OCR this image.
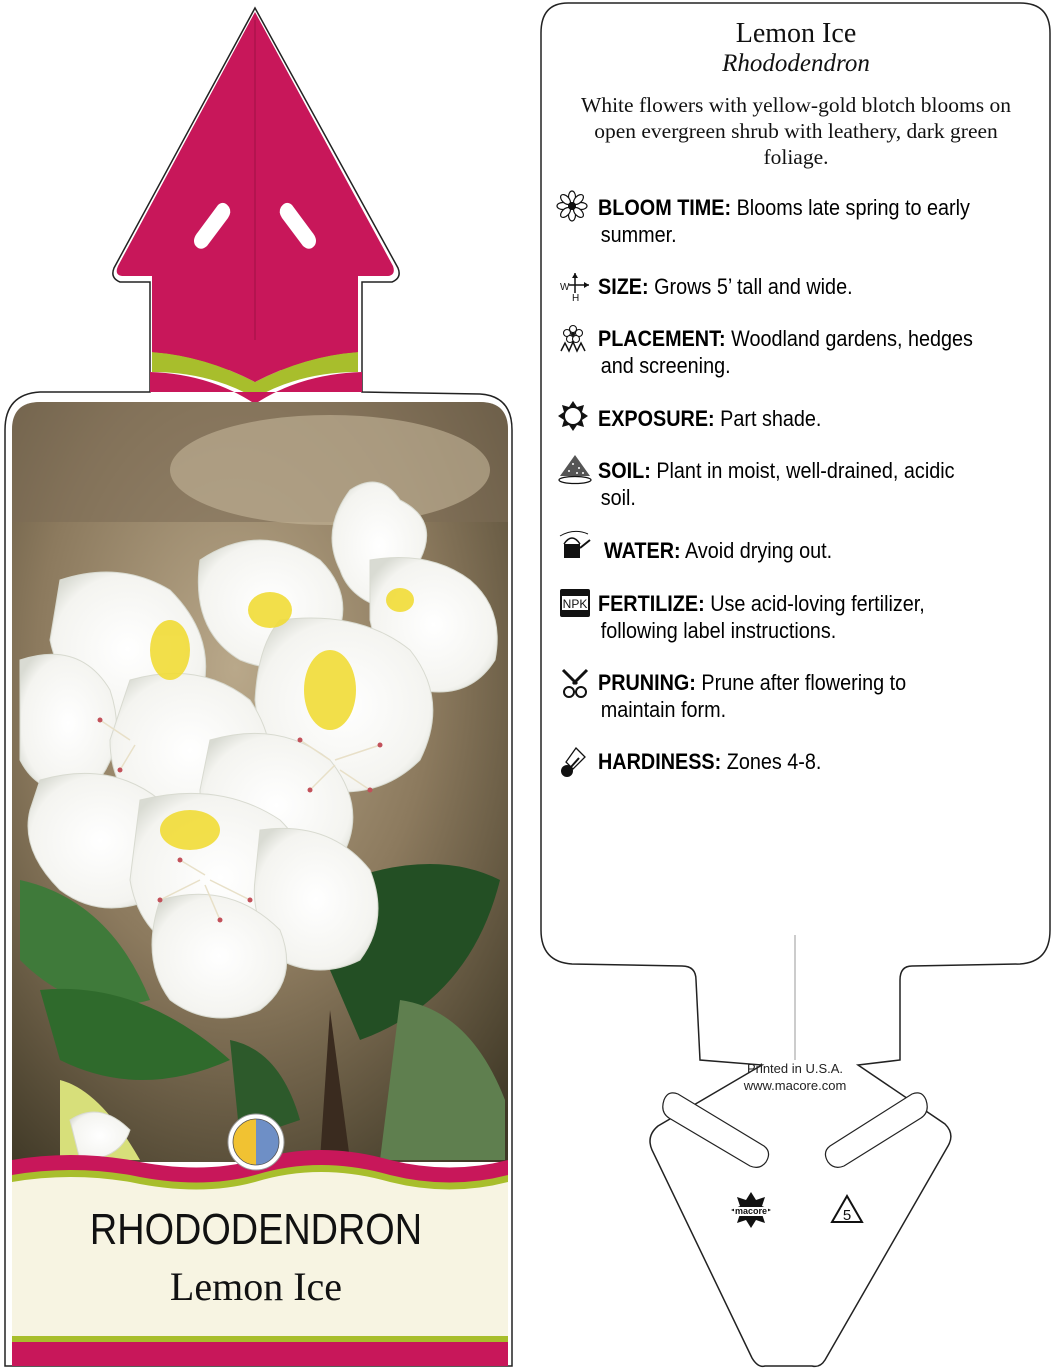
macore	5
W
H
NPK
Lemon Ice
Rhododendron
White flowers with yellow-gold blotch blooms on open evergreen shrub with leathery, dark green foliage.
BLOOM TIME: Blooms late spring to early
summer.
SIZE: Grows 5’ tall and wide.
PLACEMENT: Woodland gardens, hedges
and screening.
EXPOSURE: Part shade.
SOIL: Plant in moist, well-drained, acidic
soil.
WATER: Avoid drying out.
FERTILIZE: Use acid-loving fertilizer,
following label instructions.
PRUNING: Prune after flowering to
maintain form.
HARDINESS: Zones 4-8.
Printed in U.S.A.
www.macore.com
RHODODENDRON
Lemon Ice
